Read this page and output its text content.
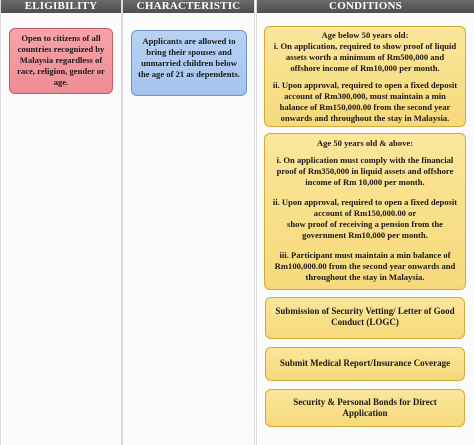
ELIGIBILITY

Open to citizens of all countries recognized by Malaysia regardless of race, religion, gender or age.

CHARACTERISTIC

Applicants are allowed to bring their spouses and unmarried children below the age of 21 as dependents.

CONDITIONS

Age below 50 years old:

i. On application, required to show proof of liquid assets worth a minimum of Rm500,000 and offshore income of Rm10,000 per month.

ii. Upon approval, required to open a fixed deposit account of Rm300,000, must maintain a min balance of Rm150,000.00 from the second year onwards and throughout the stay in Malaysia.

Age 50 years old & above:

i. On application must comply with the financial proof of Rm350,000 in liquid assets and offshore income of Rm 10,000 per month.

ii. Upon approval, required to open a fixed deposit account of Rm150,000.00 or

show proof of receiving a pension from the government Rm10,000 per month.

iii. Participant must maintain a min balance of Rm100,000.00 from the second year onwards and throughout the stay in Malaysia.

Submission of Security Vetting/ Letter of Good Conduct (LOGC)

Submit Medical Report/Insurance Coverage

Security & Personal Bonds for Direct Application
